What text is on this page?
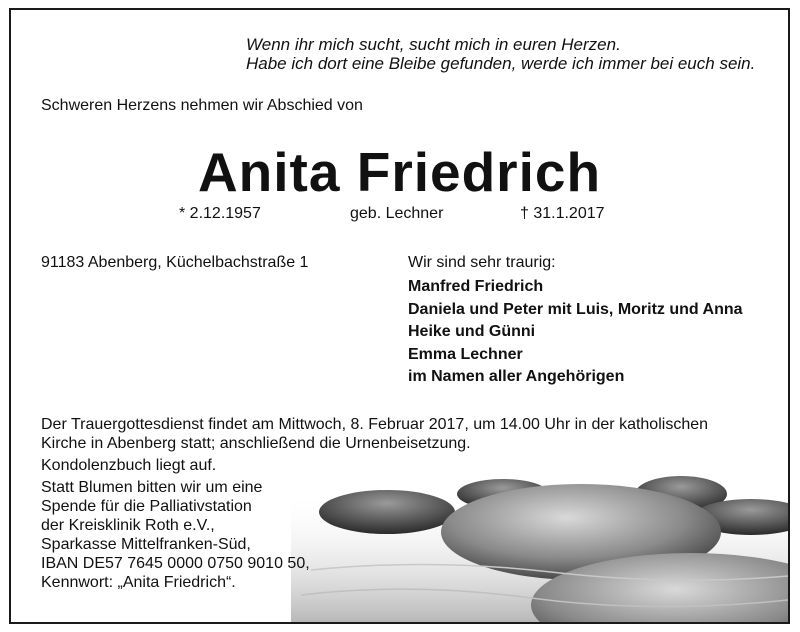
Wenn ihr mich sucht, sucht mich in euren Herzen.
Habe ich dort eine Bleibe gefunden, werde ich immer bei euch sein.
Schweren Herzens nehmen wir Abschied von
Anita Friedrich
* 2.12.1957	geb. Lechner	† 31.1.2017
91183 Abenberg, Küchelbachstraße 1	Wir sind sehr traurig:
Manfred Friedrich
Daniela und Peter mit Luis, Moritz und Anna
Heike und Günni
Emma Lechner
im Namen aller Angehörigen
Der Trauergottesdienst findet am Mittwoch, 8. Februar 2017, um 14.00 Uhr in der katholischen
Kirche in Abenberg statt; anschließend die Urnenbeisetzung.
Kondolenzbuch liegt auf.
Statt Blumen bitten wir um eine
Spende für die Palliativstation
der Kreisklinik Roth e.V.,
Sparkasse Mittelfranken-Süd,
IBAN DE57 7645 0000 0750 9010 50,
Kennwort: „Anita Friedrich“.
